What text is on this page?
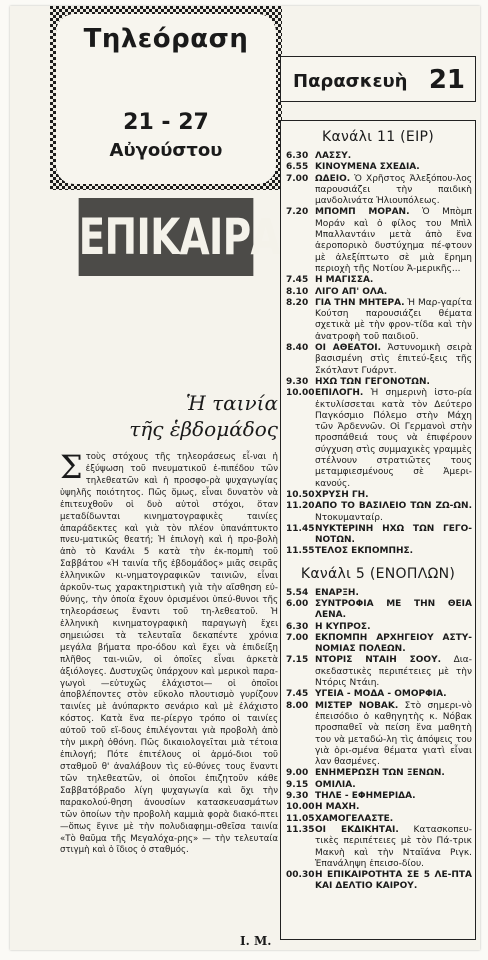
Τηλεόραση
21 - 27
Αὐγούστου
ΕΠΙΚΑΙΡΑ
Ἡ ταινία
τῆς ἑβδομάδος
Στοὺς στόχους τῆς τηλεοράσεως εἶ-ναι ἡ ἐξύψωση τοῦ πνευματικοῦ ἐ-πιπέδου τῶν τηλεθεατῶν καὶ ἡ προσφο-ρὰ ψυχαγωγίας ὑψηλῆς ποιότητος. Πῶς ὅμως, εἶναι δυνατὸν νὰ ἐπιτευχθοῦν οἱ δυὸ αὐτοὶ στόχοι, ὅταν μεταδίδωνται κινηματογραφικὲς ταινίες ἀπαράδεκτες καὶ γιὰ τὸν πλέον ὑπανάπτυκτο πνευ-ματικῶς θεατή; Ἡ ἐπιλογὴ καὶ ἡ προ-βολὴ ἀπὸ τὸ Κανάλι 5 κατὰ τὴν ἐκ-πομπὴ τοῦ Σαββάτου «Ἡ ταινία τῆς ἑβδομάδος» μιᾶς σειρᾶς ἑλληνικῶν κι-νηματογραφικῶν ταινιῶν, εἶναι ἀρκοῦν-τως χαρακτηριστικὴ γιὰ τὴν αἴσθηση εὐ-θύνης, τὴν ὁποία ἔχουν ὁρισμένοι ὑπεύ-θυνοι τῆς τηλεοράσεως ἔναντι τοῦ τη-λεθεατοῦ. Ἡ ἑλληνικὴ κινηματογραφικὴ παραγωγὴ ἔχει σημειώσει τὰ τελευταῖα δεκαπέντε χρόνια μεγάλα βήματα προ-όδου καὶ ἔχει νὰ ἐπιδείξη πλῆθος ται-νιῶν, οἱ ὁποῖες εἶναι ἀρκετὰ ἀξιόλογες. Δυστυχῶς ὑπάρχουν καὶ μερικοὶ παρα-γωγοὶ —εὐτυχῶς ἐλάχιστοι— οἱ ὁποῖοι ἀποβλέποντες στὸν εὔκολο πλουτισμὸ γυρίζουν ταινίες μὲ ἀνύπαρκτο σενάριο καὶ μὲ ἐλάχιστο κόστος. Κατὰ ἕνα πε-ρίεργο τρόπο οἱ ταινίες αὐτοῦ τοῦ εἴ-δους ἐπιλέγονται γιὰ προβολὴ ἀπὸ τὴν μικρὴ ὀθόνη. Πῶς δικαιολογεῖται μιὰ τέτοια ἐπιλογή; Πότε ἐπιτέλους οἱ ἁρμό-διοι τοῦ σταθμοῦ θ' ἀναλάβουν τὶς εὐ-θύνες τους ἔναντι τῶν τηλεθεατῶν, οἱ ὁποῖοι ἐπιζητοῦν κάθε Σαββατόβραδο λίγη ψυχαγωγία καὶ ὄχι τὴν παρακολού-θηση ἀνουσίων κατασκευασμάτων τῶν ὁποίων τὴν προβολὴ καμμιὰ φορὰ διακό-πτει —ὅπως ἔγινε μὲ τὴν πολυδιαφημι-σθεῖσα ταινία «Τὸ θαῦμα τῆς Μεγαλόχα-ρης» — τὴν τελευταία στιγμὴ καὶ ὁ ἴδιος ὁ σταθμός.
I. M.
Παρασκευὴ 21
Κανάλι 11 (ΕΙΡ)
6.30 ΛΑΣΣΥ.
6.55 ΚΙΝΟΥΜΕΝΑ ΣΧΕΔΙΑ.
7.00 ΩΔΕΙΟ. Ὁ Χρῆστος Ἀλεξόπου-λος παρουσιάζει τὴν παιδικὴ μανδολινάτα Ἠλιουπόλεως.
7.20 ΜΠΟΜΠ ΜΟΡΑΝ. Ὁ Μπὸμπ Μοράν καὶ ὁ φίλος του Μπὶλ Μπαλλαντάιν μετὰ ἀπὸ ἕνα ἀεροπορικὸ δυστύχημα πέ-φτουν μὲ ἀλεξίπτωτο σὲ μιὰ ἔρημη περιοχὴ τῆς Νοτίου Ἀ-μερικῆς...
7.45 Η ΜΑΓΙΣΣΑ.
8.10 ΛΙΓΟ ΑΠ' ΟΛΑ.
8.20 ΓΙΑ ΤΗΝ ΜΗΤΕΡΑ. Ἡ Μαρ-γαρίτα Κούτση παρουσιάζει θέματα σχετικὰ μὲ τὴν φρον-τίδα καὶ τὴν ἀνατροφὴ τοῦ παιδιοῦ.
8.40 ΟΙ ΑΘΕΑΤΟΙ. Ἀστυνομικὴ σειρὰ βασισμένη στὶς ἐπιτεύ-ξεις τῆς Σκότλαντ Γυάρντ.
9.30 ΗΧΩ ΤΩΝ ΓΕΓΟΝΟΤΩΝ.
10.00 ΕΠΙΛΟΓΗ. Ἡ σημερινὴ ἱστο-ρία ἐκτυλίσσεται κατὰ τὸν Δεύτερο Παγκόσμιο Πόλεμο στὴν Μάχη τῶν Ἀρδεννῶν. Οἱ Γερμανοὶ στὴν προσπάθειά τους νὰ ἐπιφέρουν σύγχυση στὶς συμμαχικὲς γραμμὲς στέλνουν στρατιῶτες τους μεταμφιεσμένους σὲ Ἀμερι-κανούς.
10.50 ΧΡΥΣΗ ΓΗ.
11.20 ΑΠΟ ΤΟ ΒΑΣΙΛΕΙΟ ΤΩΝ ΖΩ-ΩΝ. Ντοκυμανταίρ.
11.45 ΝΥΚΤΕΡΙΝΗ ΗΧΩ ΤΩΝ ΓΕΓΟ-ΝΟΤΩΝ.
11.55 ΤΕΛΟΣ ΕΚΠΟΜΠΗΣ.
Κανάλι 5 (ΕΝΟΠΛΩΝ)
5.54 ΕΝΑΡΞΗ.
6.00 ΣΥΝΤΡΟΦΙΑ ΜΕ ΤΗΝ ΘΕΙΑ ΛΕΝΑ.
6.30 Η ΚΥΠΡΟΣ.
7.00 ΕΚΠΟΜΠΗ ΑΡΧΗΓΕΙΟΥ ΑΣΤΥ-ΝΟΜΙΑΣ ΠΟΛΕΩΝ.
7.15 ΝΤΟΡΙΣ ΝΤΑΙΗ ΣΟΟΥ. Δια-σκεδαστικὲς περιπέτειες μὲ τὴν Ντόρις Ντάιη.
7.45 ΥΓΕΙΑ - ΜΟΔΑ - ΟΜΟΡΦΙΑ.
8.00 ΜΙΣΤΕΡ ΝΟΒΑΚ. Στὸ σημερι-νὸ ἐπεισόδιο ὁ καθηγητὴς κ. Νόβακ προσπαθεῖ νὰ πείση ἕνα μαθητὴ του νὰ μεταδώ-λη τὶς ἀπόψεις του γιὰ ὁρι-σμένα θέματα γιατὶ εἶναι λαν θασμένες.
9.00 ΕΝΗΜΕΡΩΣΗ ΤΩΝ ΞΕΝΩΝ.
9.15 ΟΜΙΛΙΑ.
9.30 ΤΗΛΕ - ΕΦΗΜΕΡΙΔΑ.
10.00 Η ΜΑΧΗ.
11.05 ΧΑΜΟΓΕΛΑΣΤΕ.
11.35 ΟΙ ΕΚΔΙΚΗΤΑΙ. Κατασκοπευ-τικὲς περιπέτειες μὲ τὸν Πά-τρικ Μακνὴ καὶ τὴν Νταϊάνα Ριγκ. Ἐπανάληψη ἐπεισο-δίου.
00.30 Η ΕΠΙΚΑΙΡΟΤΗΤΑ ΣΕ 5 ΛΕ-ΠΤΑ ΚΑΙ ΔΕΛΤΙΟ ΚΑΙΡΟΥ.
